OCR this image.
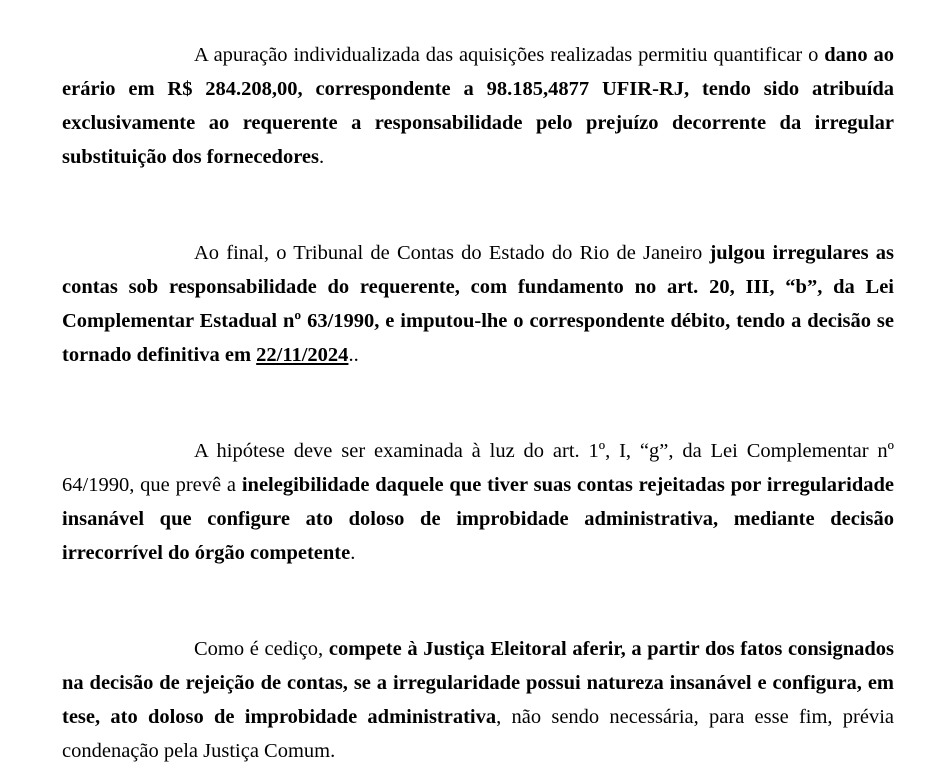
A apuração individualizada das aquisições realizadas permitiu quantificar o dano ao erário em R$ 284.208,00, correspondente a 98.185,4877 UFIR-RJ, tendo sido atribuída exclusivamente ao requerente a responsabilidade pelo prejuízo decorrente da irregular substituição dos fornecedores.

Ao final, o Tribunal de Contas do Estado do Rio de Janeiro julgou irregulares as contas sob responsabilidade do requerente, com fundamento no art. 20, III, “b”, da Lei Complementar Estadual nº 63/1990, e imputou-lhe o correspondente débito, tendo a decisão se tornado definitiva em 22/11/2024..

A hipótese deve ser examinada à luz do art. 1º, I, “g”, da Lei Complementar nº 64/1990, que prevê a inelegibilidade daquele que tiver suas contas rejeitadas por irregularidade insanável que configure ato doloso de improbidade administrativa, mediante decisão irrecorrível do órgão competente.

Como é cediço, compete à Justiça Eleitoral aferir, a partir dos fatos consignados na decisão de rejeição de contas, se a irregularidade possui natureza insanável e configura, em tese, ato doloso de improbidade administrativa, não sendo necessária, para esse fim, prévia condenação pela Justiça Comum.
